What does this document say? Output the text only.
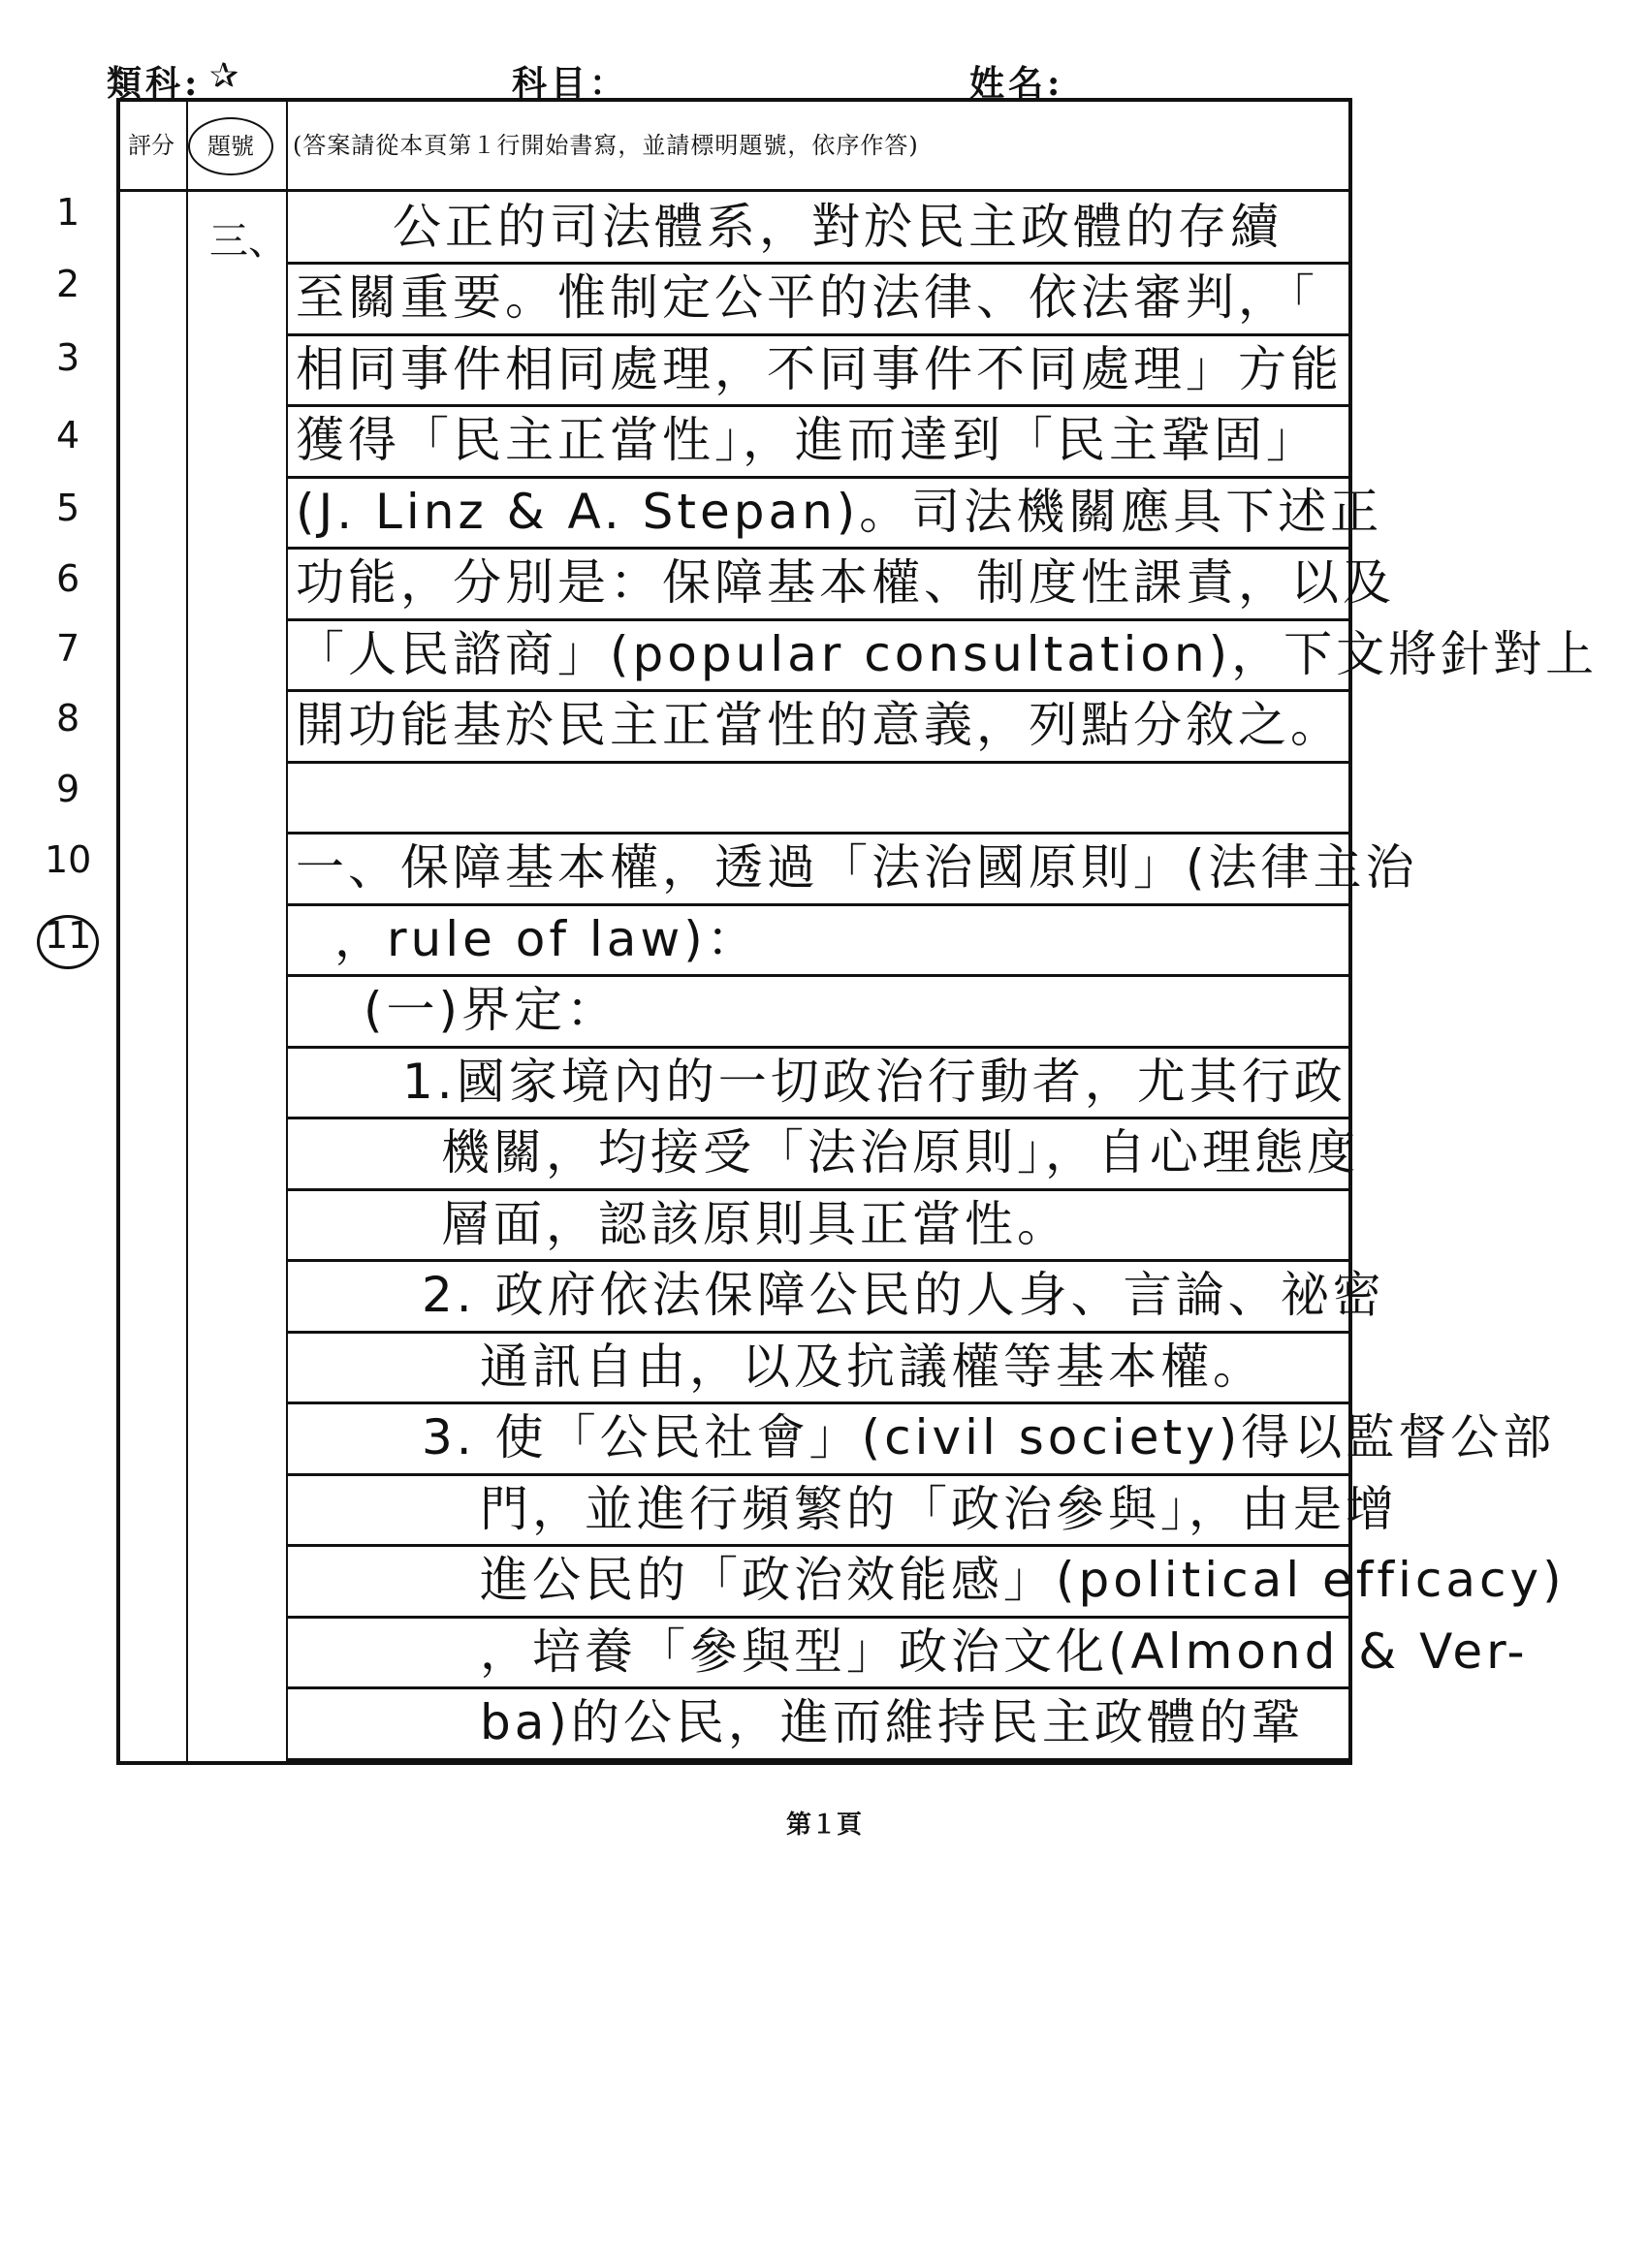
類科: ✰	科目：	姓名:
評分	題號	(答案請從本頁第１行開始書寫，並請標明題號，依序作答)
三、 公正的司法體系，對於民主政體的存續
至關重要。惟制定公平的法律、依法審判，「
相同事件相同處理，不同事件不同處理」方能
獲得「民主正當性」，進而達到「民主鞏固」
(J. Linz & A. Stepan)。司法機關應具下述正
功能，分別是：保障基本權、制度性課責，以及
「人民諮商」(popular consultation)，下文將針對上
開功能基於民主正當性的意義，列點分敘之。
一、保障基本權，透過「法治國原則」(法律主治
，rule of law)：
(一)界定：
1.國家境內的一切政治行動者，尤其行政
機關，均接受「法治原則」，自心理態度
層面，認該原則具正當性。
2. 政府依法保障公民的人身、言論、祕密
通訊自由，以及抗議權等基本權。
3. 使「公民社會」(civil society)得以監督公部
門，並進行頻繁的「政治參與」，由是增
進公民的「政治效能感」(political efficacy)
，培養「參與型」政治文化(Almond & Ver-
ba)的公民，進而維持民主政體的鞏
1
2
3
4
5
6
7
8
9
10
11
第１頁
